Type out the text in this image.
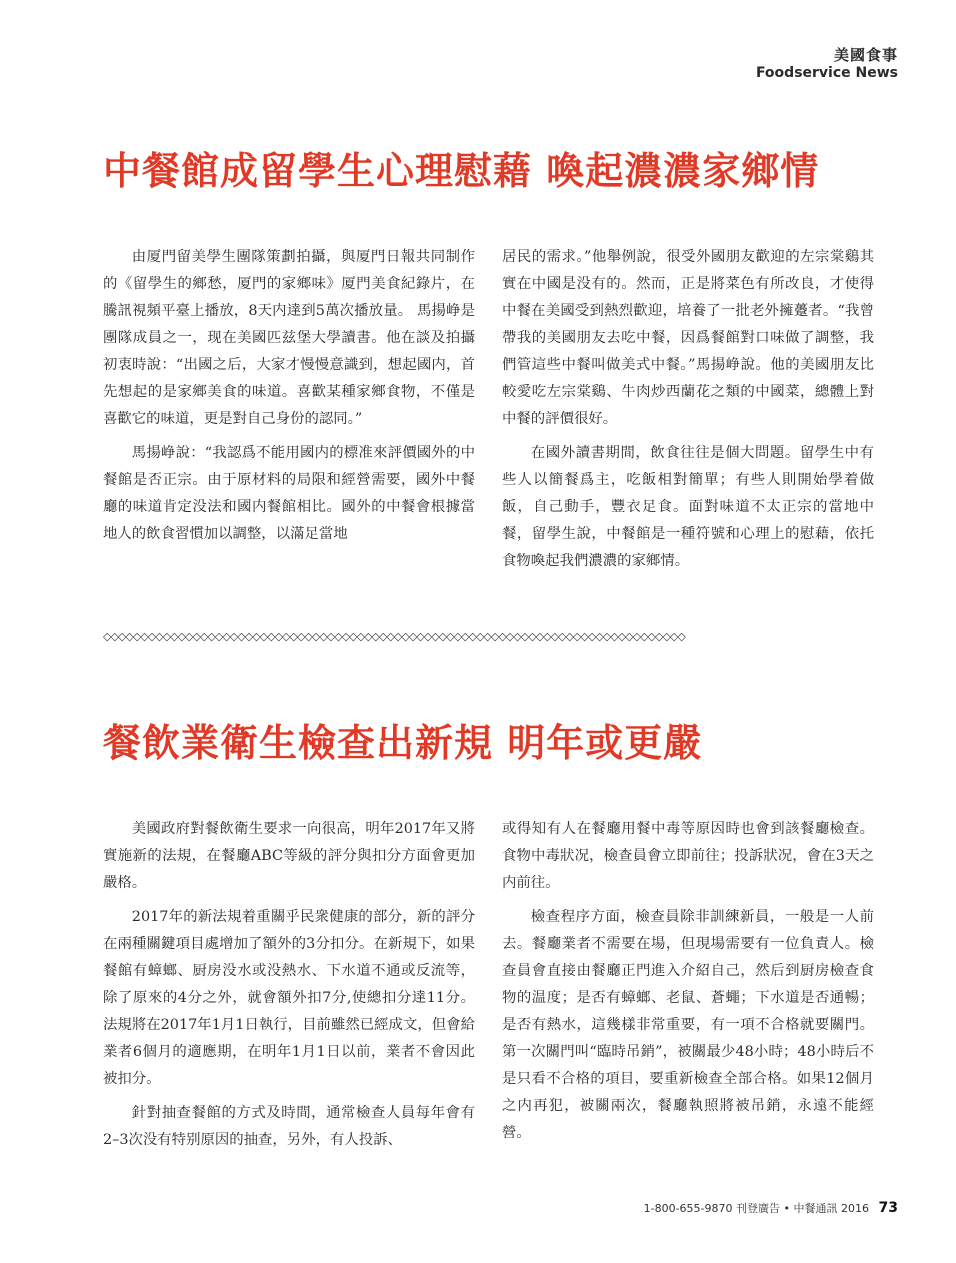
美國食事
Foodservice News
中餐館成留學生心理慰藉 喚起濃濃家鄉情

由厦門留美學生團隊策劃拍攝，與厦門日報共同制作的《留學生的鄉愁，厦門的家鄉味》厦門美食紀錄片，在騰訊視頻平臺上播放，8天内達到5萬次播放量。 馬揚峥是團隊成員之一，现在美國匹兹堡大學讀書。他在談及拍攝初衷時說：“出國之后，大家才慢慢意識到，想起國内，首先想起的是家鄉美食的味道。喜歡某種家鄉食物，不僅是喜歡它的味道，更是對自己身份的認同。”

馬揚峥說：“我認爲不能用國内的標准來評價國外的中餐館是否正宗。由于原材料的局限和經營需要，國外中餐廳的味道肯定没法和國内餐館相比。國外的中餐會根據當地人的飲食習慣加以調整，以滿足當地

居民的需求。”他舉例說，很受外國朋友歡迎的左宗棠鷄其實在中國是没有的。然而，正是將菜色有所改良，才使得中餐在美國受到熱烈歡迎，培養了一批老外擁躉者。“我曾帶我的美國朋友去吃中餐，因爲餐館對口味做了調整，我們管這些中餐叫做美式中餐。”馬揚峥說。他的美國朋友比較愛吃左宗棠鷄、牛肉炒西蘭花之類的中國菜，總體上對中餐的評價很好。

在國外讀書期間，飲食往往是個大問題。留學生中有些人以簡餐爲主，吃飯相對簡單；有些人則開始學着做飯，自己動手，豐衣足食。面對味道不太正宗的當地中餐，留學生說，中餐館是一種符號和心理上的慰藉，依托食物喚起我們濃濃的家鄉情。

◇◇◇◇◇◇◇◇◇◇◇◇◇◇◇◇◇◇◇◇◇◇◇◇◇◇◇◇◇◇◇◇◇◇◇◇◇◇◇◇◇◇◇◇◇◇◇◇◇◇◇◇◇◇◇◇◇◇◇◇◇◇◇◇◇◇◇◇◇◇◇◇◇◇◇◇◇◇
餐飲業衛生檢查出新規 明年或更嚴

美國政府對餐飲衛生要求一向很高，明年2017年又將實施新的法規，在餐廳ABC等級的評分與扣分方面會更加嚴格。

2017年的新法規着重關乎民衆健康的部分，新的評分在兩種關鍵項目處增加了額外的3分扣分。在新規下，如果餐館有蟑螂、厨房没水或没熱水、下水道不通或反流等，除了原來的4分之外，就會額外扣7分,使總扣分達11分。法規將在2017年1月1日執行，目前雖然已經成文，但會給業者6個月的適應期，在明年1月1日以前，業者不會因此被扣分。

針對抽查餐館的方式及時間，通常檢查人員每年會有2–3次没有特别原因的抽查，另外，有人投訴、

或得知有人在餐廳用餐中毒等原因時也會到該餐廳檢查。食物中毒狀况，檢查員會立即前往；投訴狀况，會在3天之内前往。

檢查程序方面，檢查員除非訓練新員，一般是一人前去。餐廳業者不需要在場，但現場需要有一位負責人。檢查員會直接由餐廳正門進入介紹自己，然后到厨房檢查食物的温度；是否有蟑螂、老鼠、蒼蠅；下水道是否通暢；是否有熱水，這幾樣非常重要，有一項不合格就要關門。第一次關門叫“臨時吊銷”，被關最少48小時；48小時后不是只看不合格的項目，要重新檢查全部合格。如果12個月之内再犯，被關兩次，餐廳執照將被吊銷，永遠不能經營。

1-800-655-9870 刊登廣告 • 中餐通訊 2016 73
